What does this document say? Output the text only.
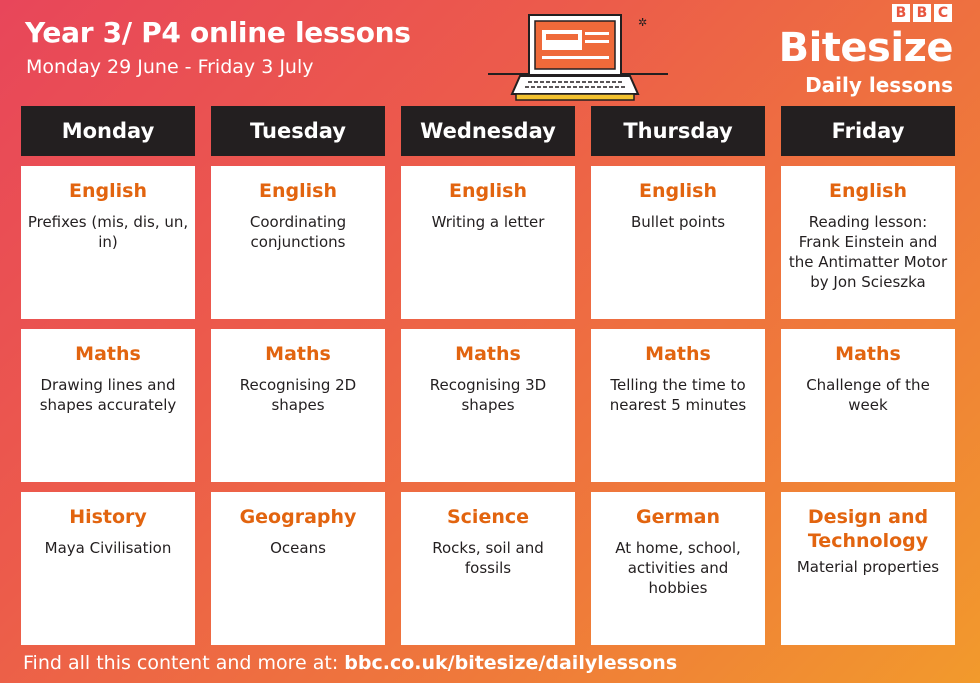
Year 3/ P4 online lessons
Monday 29 June - Friday 3 July
✲
B B C
Bitesize
Daily lessons
Monday
English
Prefixes (mis, dis, un, in)
Maths
Drawing lines and shapes accurately
History
Maya Civilisation
Tuesday
English
Coordinating conjunctions
Maths
Recognising 2D shapes
Geography
Oceans
Wednesday
English
Writing a letter
Maths
Recognising 3D shapes
Science
Rocks, soil and fossils
Thursday
English
Bullet points
Maths
Telling the time to nearest 5 minutes
German
At home, school, activities and hobbies
Friday
English
Reading lesson: Frank Einstein and the Antimatter Motor by Jon Scieszka
Maths
Challenge of the week
Design and Technology
Material properties
Find all this content and more at: bbc.co.uk/bitesize/dailylessons
